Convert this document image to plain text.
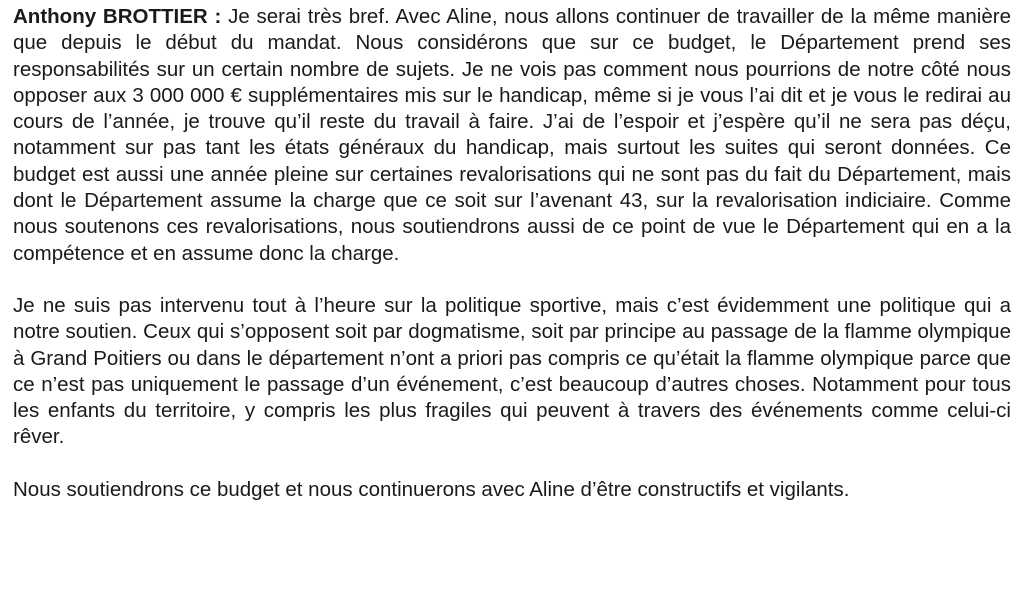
Anthony BROTTIER : Je serai très bref. Avec Aline, nous allons continuer de travailler de la même manière que depuis le début du mandat. Nous considérons que sur ce budget, le Département prend ses responsabilités sur un certain nombre de sujets. Je ne vois pas comment nous pourrions de notre côté nous opposer aux 3 000 000 € supplémentaires mis sur le handicap, même si je vous l’ai dit et je vous le redirai au cours de l’année, je trouve qu’il reste du travail à faire. J’ai de l’espoir et j’espère qu’il ne sera pas déçu, notamment sur pas tant les états généraux du handicap, mais surtout les suites qui seront données. Ce budget est aussi une année pleine sur certaines revalorisations qui ne sont pas du fait du Département, mais dont le Département assume la charge que ce soit sur l’avenant 43, sur la revalorisation indiciaire. Comme nous soutenons ces revalorisations, nous soutiendrons aussi de ce point de vue le Département qui en a la compétence et en assume donc la charge.

Je ne suis pas intervenu tout à l’heure sur la politique sportive, mais c’est évidemment une politique qui a notre soutien. Ceux qui s’opposent soit par dogmatisme, soit par principe au passage de la flamme olympique à Grand Poitiers ou dans le département n’ont a priori pas compris ce qu’était la flamme olympique parce que ce n’est pas uniquement le passage d’un événement, c’est beaucoup d’autres choses. Notamment pour tous les enfants du territoire, y compris les plus fragiles qui peuvent à travers des événements comme celui-ci rêver.

Nous soutiendrons ce budget et nous continuerons avec Aline d’être constructifs et vigilants.
